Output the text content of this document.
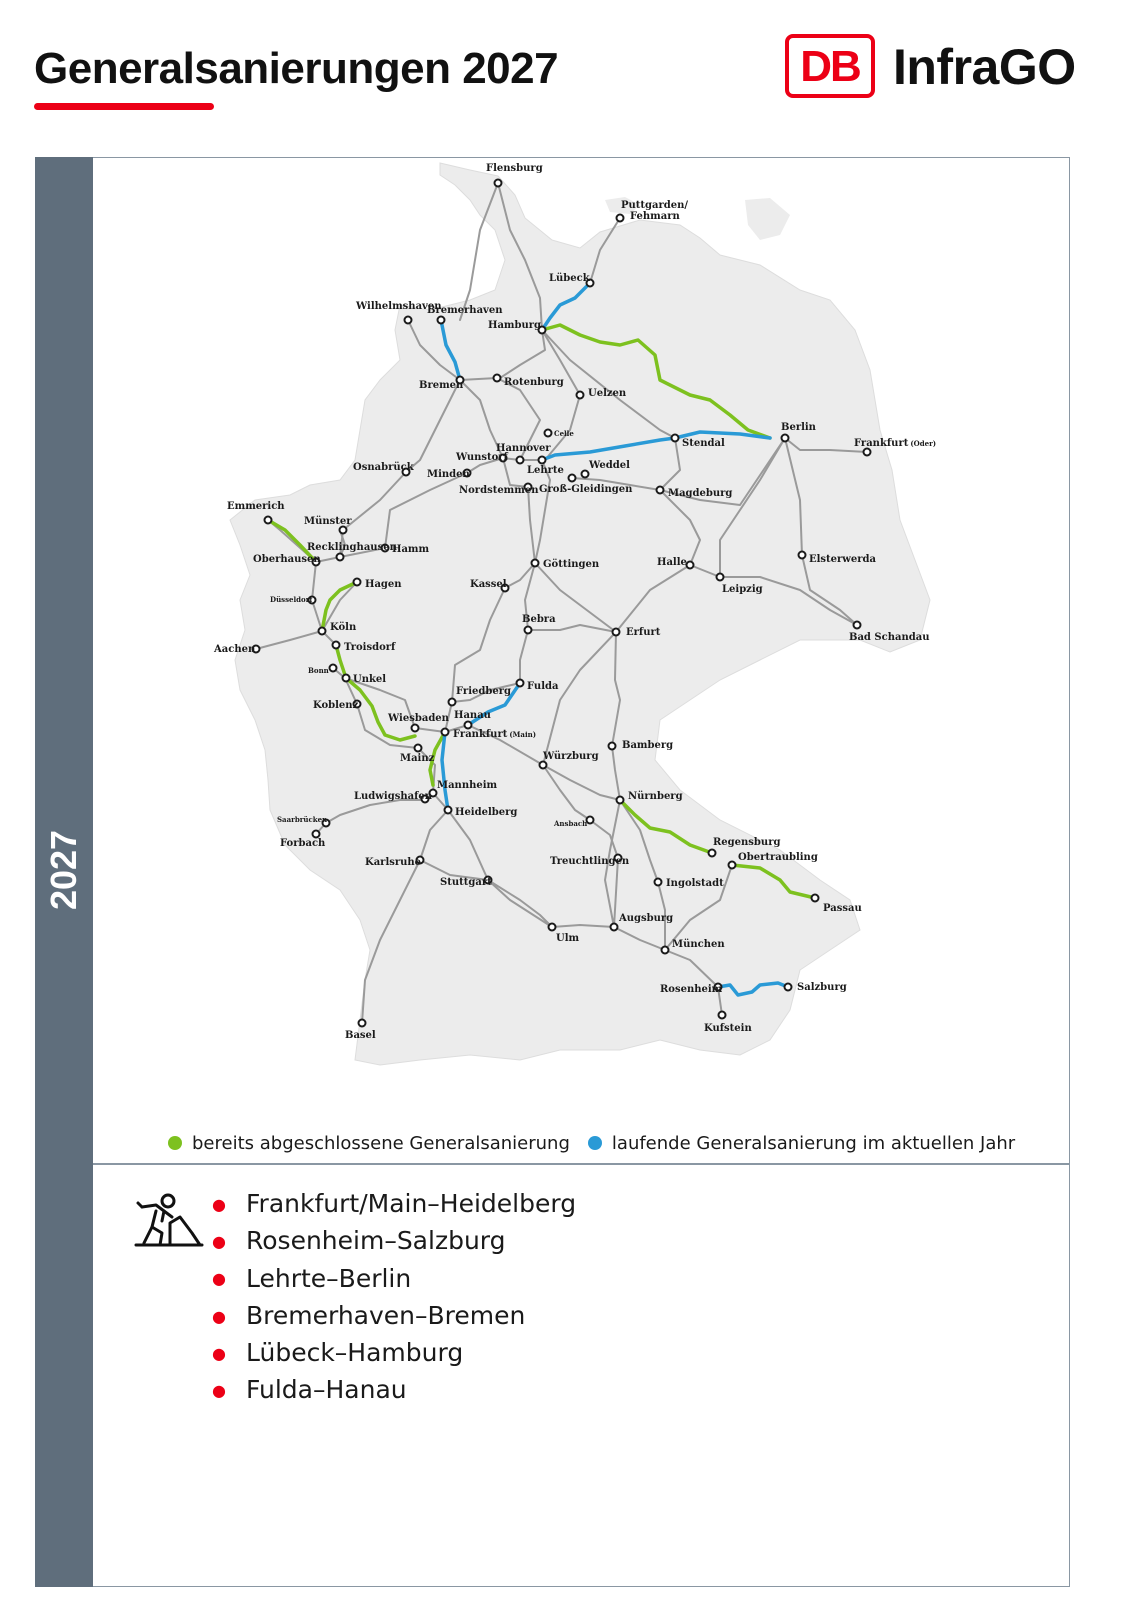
Generalsanierungen 2027	DB InfraGO
2027
Flensburg
Puttgarden/
Fehmarn
Lübeck
Hamburg
Wilhelmshaven
Bremerhaven
Bremen	Rotenburg
Uelzen
Celle
Berlin
Frankfurt (Oder)
Stendal
Hannover
Wunstorf
Osnabrück
Minden	Lehrte	Weddel
Nordstemmen Groß-Gleidingen	Magdeburg
Emmerich
Münster
Recklinghausen
Hamm
Oberhausen	Göttingen	Halle	Elsterwerda
Hagen	Kassel	Leipzig
Düsseldorf
Bebra
Erfurt	Bad Schandau
Köln
Aachen	Troisdorf
Bonn
Unkel
Fulda
Friedberg
Koblenz
Wiesbaden Hanau
Frankfurt (Main)
Bamberg
Mainz	Würzburg
Mannheim
Ludwigshafen	Nürnberg
Heidelberg
Saarbrücken	Ansbach
Regensburg
Forbach
Obertraubling
Karlsruhe	Treuchtlingen
Ingolstadt
Stuttgart
Passau
Augsburg
Ulm
München
Rosenheim	Salzburg
Kufstein
Basel
bereits abgeschlossene Generalsanierung laufende Generalsanierung im aktuellen Jahr
● Frankfurt/Main–Heidelberg
● Rosenheim–Salzburg
● Lehrte–Berlin
● Bremerhaven–Bremen
● Lübeck–Hamburg
● Fulda–Hanau
